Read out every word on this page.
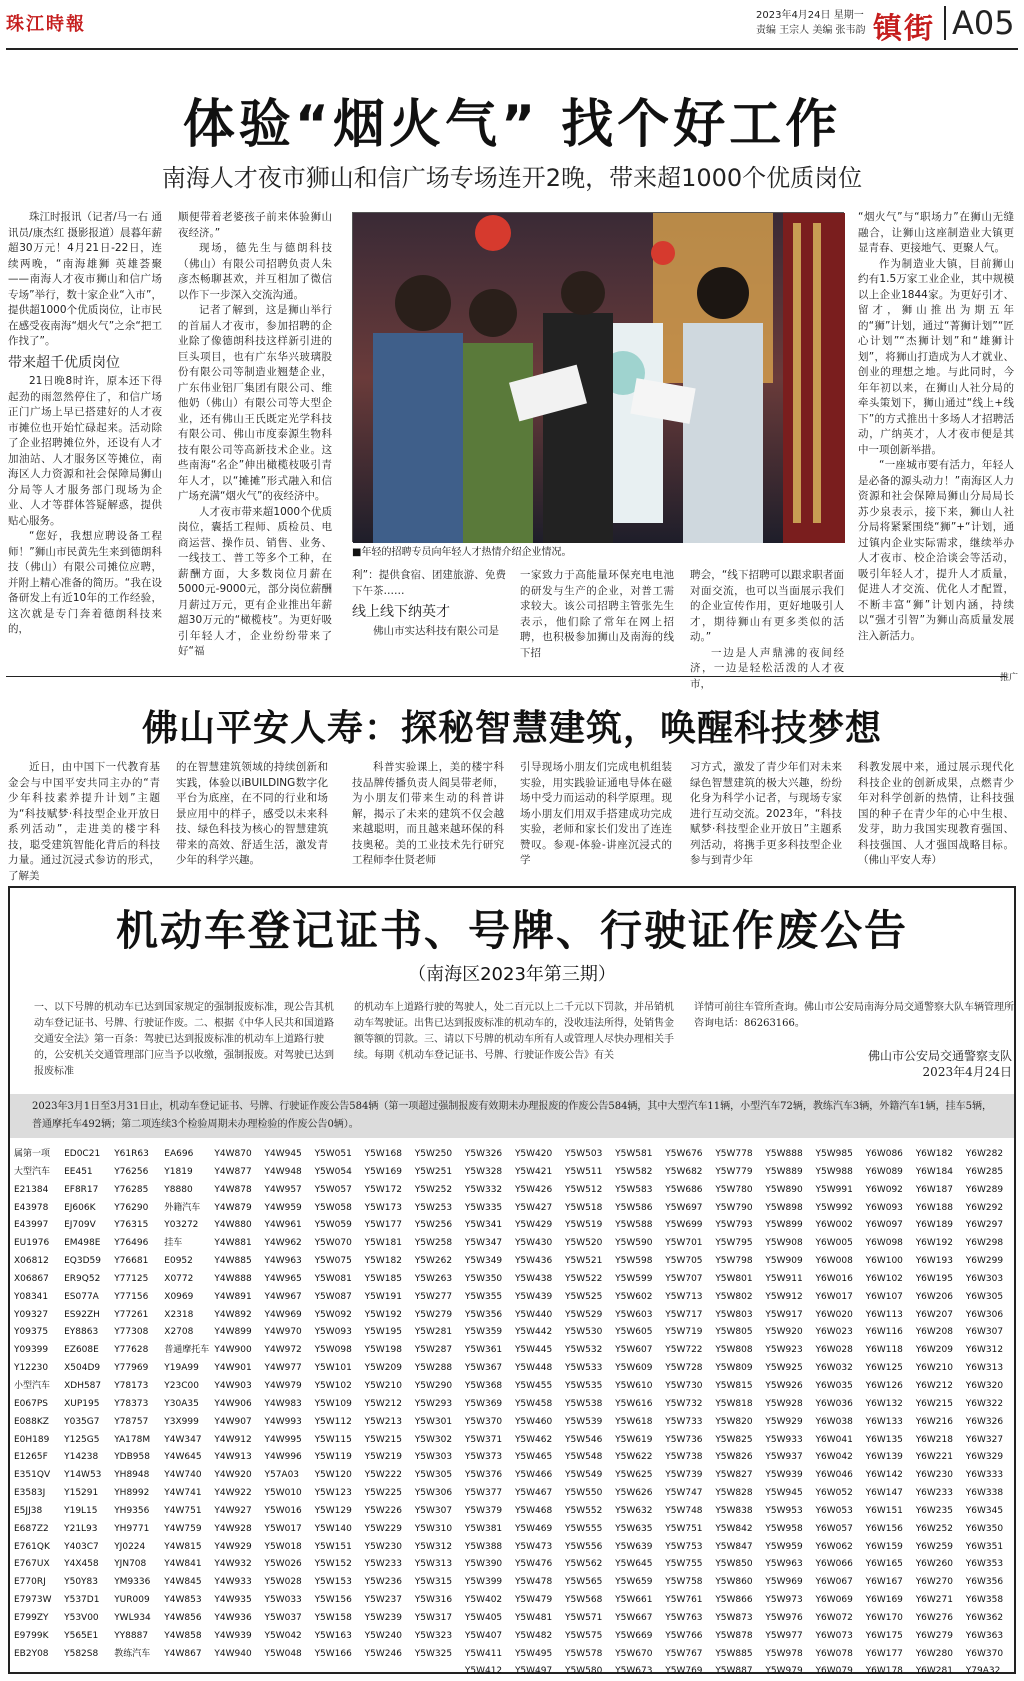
珠江時報	2023年4月24日 星期一
责编 王宗人 美编 张韦韵 镇街 A05
体验“烟火气” 找个好工作
南海人才夜市狮山和信广场专场连开2晚，带来超1000个优质岗位

珠江时报讯（记者/马一右 通讯员/康杰红 摄影报道）晨暮年薪超30万元！4月21日-22日，连续两晚，“南海雄狮 英雄荟聚——南海人才夜市狮山和信广场专场”举行，数十家企业“入市”，提供超1000个优质岗位，让市民在感受夜南海“烟火气”之余“把工作找了”。

带来超千优质岗位

21日晚8时许，原本还下得起劲的雨忽然停住了，和信广场正门广场上早已搭建好的人才夜市摊位也开始忙碌起来。活动除了企业招聘摊位外，还设有人才加油站、人才服务区等摊位，南海区人力资源和社会保障局狮山分局等人才服务部门现场为企业、人才等群体答疑解惑，提供贴心服务。

“您好，我想应聘设备工程师！”狮山市民黄先生来到德朗科技（佛山）有限公司摊位应聘，并附上精心准备的简历。“我在设备研发上有近10年的工作经验，这次就是专门奔着德朗科技来的，

顺便带着老婆孩子前来体验狮山夜经济。”

现场，德先生与德朗科技（佛山）有限公司招聘负责人朱彦杰畅聊甚欢，并互相加了微信以作下一步深入交流沟通。

记者了解到，这是狮山举行的首届人才夜市，参加招聘的企业除了像德朗科技这样新引进的巨头项目，也有广东华兴玻璃股份有限公司等制造业翘楚企业，广东伟业铝厂集团有限公司、维他奶（佛山）有限公司等大型企业，还有佛山王氏既定光学科技有限公司、佛山市度泰源生物科技有限公司等高新技术企业。这些南海“名企”伸出橄榄枝吸引青年人才，以“摊摊”形式融入和信广场充满“烟火气”的夜经济中。

人才夜市带来超1000个优质岗位，囊括工程师、质检员、电商运营、操作员、销售、业务、一线技工、普工等多个工种，在薪酬方面，大多数岗位月薪在5000元-9000元，部分岗位薪酬月薪过万元，更有企业推出年薪超30万元的“橄榄枝”。为更好吸引年轻人才，企业纷纷带来了好“福

■年轻的招聘专员向年轻人才热情介绍企业情况。

利”：提供食宿、团建旅游、免费下午茶……

线上线下纳英才

佛山市实达科技有限公司是

一家致力于高能量环保充电电池的研发与生产的企业，对普工需求较大。该公司招聘主管张先生表示，他们除了常年在网上招聘，也积极参加狮山及南海的线下招

聘会，“线下招聘可以跟求职者面对面交流，也可以当面展示我们的企业宣传作用，更好地吸引人才，期待狮山有更多类似的活动。”

一边是人声鼎沸的夜间经济，一边是轻松活泼的人才夜市，

“烟火气”与“职场力”在狮山无缝融合，让狮山这座制造业大镇更显青春、更接地气、更聚人气。

作为制造业大镇，目前狮山约有1.5万家工业企业，其中规模以上企业1844家。为更好引才、留才，狮山推出为期五年的“狮”计划，通过“菁狮计划”“匠心计划”“杰狮计划”和“雄狮计划”，将狮山打造成为人才就业、创业的理想之地。与此同时，今年年初以来，在狮山人社分局的牵头策划下，狮山通过“线上+线下”的方式推出十多场人才招聘活动，广纳英才，人才夜市便是其中一项创新举措。

“一座城市要有活力，年轻人是必备的源头动力！”南海区人力资源和社会保障局狮山分局局长苏少泉表示，接下来，狮山人社分局将紧紧围绕“狮”+“计划，通过镇内企业实际需求，继续举办人才夜市、校企洽谈会等活动，吸引年轻人才，提升人才质量，促进人才交流、优化人才配置，不断丰富“狮”计划内涵，持续以“强才引智”为狮山高质量发展注入新活力。

推广
佛山平安人寿：探秘智慧建筑，唤醒科技梦想

近日，由中国下一代教育基金会与中国平安共同主办的“青少年科技素养提升计划”主题为“科技赋梦·科技型企业开放日系列活动”，走进美的楼宇科技，聪受建筑智能化背后的科技力量。通过沉浸式参访的形式，了解美

的在智慧建筑领域的持续创新和实践，体验以iBUILDING数字化平台为底座，在不同的行业和场景应用中的样子，感受以未来科技、绿色科技为核心的智慧建筑带来的高效、舒适生活，激发青少年的科学兴趣。

科普实验课上，美的楼宇科技品牌传播负责人阎昊带老师，为小朋友们带来生动的科普讲解，揭示了未来的建筑不仅会越来越聪明，而且越来越环保的科技奥秘。美的工业技术先行研究工程师李仕贤老师

引导现场小朋友们完成电机组装实验，用实践验证通电导体在磁场中受力而运动的科学原理。现场小朋友们用双手搭建成功完成实验，老师和家长们发出了连连赞叹。参观-体验-讲座沉浸式的学

习方式，激发了青少年们对未来绿色智慧建筑的极大兴趣，纷纷化身为科学小记者，与现场专家进行互动交流。2023年，“科技赋梦·科技型企业开放日”主题系列活动，将携手更多科技型企业参与到青少年

科教发展中来，通过展示现代化科技企业的创新成果，点燃青少年对科学创新的热情，让科技强国的种子在青少年的心中生根、发芽，助力我国实现教育强国、科技强国、人才强国战略目标。（佛山平安人寿）

机动车登记证书、号牌、行驶证作废公告
（南海区2023年第三期）
一、以下号牌的机动车已达到国家规定的强制报废标准，现公告其机动车登记证书、号牌、行驶证作废。二、根据《中华人民共和国道路交通安全法》第一百条：驾驶已达到报废标准的机动车上道路行驶的，公安机关交通管理部门应当予以收缴，强制报废。对驾驶已达到报废标准
的机动车上道路行驶的驾驶人，处二百元以上二千元以下罚款，并吊销机动车驾驶证。出售已达到报废标准的机动车的，没收违法所得，处销售金额等额的罚款。三、请以下号牌的机动车所有人或管理人尽快办理相关手续。每期《机动车登记证书、号牌、行驶证作废公告》有关
详情可前往车管所查询。佛山市公安局南海分局交通警察大队车辆管理所咨询电话：86263166。
佛山市公安局交通警察支队
2023年4月24日
2023年3月1日至3月31日止，机动车登记证书、号牌、行驶证作废公告584辆（第一项超过强制报废有效期未办理报废的作废公告584辆，其中大型汽车11辆，小型汽车72辆，教练汽车3辆，外籍汽车1辆，挂车5辆，普通摩托车492辆；第二项连续3个检验周期未办理检验的作废公告0辆）。
属第一项
大型汽车
E21384
E43978
E43997
EU1976
X06812
X06867
Y08341
Y09327
Y09375
Y09399
Y12230
小型汽车
E067PS
E088KZ
E0H189
E1265F
E351QV
E3583J
E5JJ38
E687Z2
E761QK
E767UX
E770RJ
E7973W
E799ZY
E9799K
EB2Y08
ED0C21
EE451
EF8R17
EJ606K
EJ709V
EM498E
EQ3D59
ER9Q52
ES077A
ES92ZH
EY8863
EZ608E
X504D9
XDH587
XUP195
Y035G7
Y125G5
Y14238
Y14W53
Y15291
Y19L15
Y21L93
Y403C7
Y4X458
Y50Y83
Y537D1
Y53V00
Y565E1
Y582S8
Y61R63
Y76256
Y76285
Y76290
Y76315
Y76496
Y76681
Y77125
Y77156
Y77261
Y77308
Y77628
Y77969
Y78173
Y78373
Y78757
YA178M
YDB958
YH8948
YH8992
YH9356
YH9771
YJ0224
YJN708
YM9336
YUR009
YWL934
YY8887
教练汽车
EA696
Y1819
Y8880
外籍汽车
Y03272
挂车
E0952
X0772
X0969
X2318
X2708
普通摩托车
Y19A99
Y23C00
Y30A35
Y3X999
Y4W347
Y4W645
Y4W740
Y4W741
Y4W751
Y4W759
Y4W815
Y4W841
Y4W845
Y4W853
Y4W856
Y4W858
Y4W867
Y4W870
Y4W877
Y4W878
Y4W879
Y4W880
Y4W881
Y4W885
Y4W888
Y4W891
Y4W892
Y4W899
Y4W900
Y4W901
Y4W903
Y4W906
Y4W907
Y4W912
Y4W913
Y4W920
Y4W922
Y4W927
Y4W928
Y4W929
Y4W932
Y4W933
Y4W935
Y4W936
Y4W939
Y4W940
Y4W945
Y4W948
Y4W957
Y4W959
Y4W961
Y4W962
Y4W963
Y4W965
Y4W967
Y4W969
Y4W970
Y4W972
Y4W977
Y4W979
Y4W983
Y4W993
Y4W995
Y4W996
Y57A03
Y5W010
Y5W016
Y5W017
Y5W018
Y5W026
Y5W028
Y5W033
Y5W037
Y5W042
Y5W048
Y5W051
Y5W054
Y5W057
Y5W058
Y5W059
Y5W070
Y5W075
Y5W081
Y5W087
Y5W092
Y5W093
Y5W098
Y5W101
Y5W102
Y5W109
Y5W112
Y5W115
Y5W119
Y5W120
Y5W123
Y5W129
Y5W140
Y5W151
Y5W152
Y5W153
Y5W156
Y5W158
Y5W163
Y5W166
Y5W168
Y5W169
Y5W172
Y5W173
Y5W177
Y5W181
Y5W182
Y5W185
Y5W191
Y5W192
Y5W195
Y5W198
Y5W209
Y5W210
Y5W212
Y5W213
Y5W215
Y5W219
Y5W222
Y5W225
Y5W226
Y5W229
Y5W230
Y5W233
Y5W236
Y5W237
Y5W239
Y5W240
Y5W246
Y5W250
Y5W251
Y5W252
Y5W253
Y5W256
Y5W258
Y5W262
Y5W263
Y5W277
Y5W279
Y5W281
Y5W287
Y5W288
Y5W290
Y5W293
Y5W301
Y5W302
Y5W303
Y5W305
Y5W306
Y5W307
Y5W310
Y5W312
Y5W313
Y5W315
Y5W316
Y5W317
Y5W323
Y5W325
Y5W326
Y5W328
Y5W332
Y5W335
Y5W341
Y5W347
Y5W349
Y5W350
Y5W355
Y5W356
Y5W359
Y5W361
Y5W367
Y5W368
Y5W369
Y5W370
Y5W371
Y5W373
Y5W376
Y5W377
Y5W379
Y5W381
Y5W388
Y5W390
Y5W399
Y5W402
Y5W405
Y5W407
Y5W411
Y5W412
Y5W420
Y5W421
Y5W426
Y5W427
Y5W429
Y5W430
Y5W436
Y5W438
Y5W439
Y5W440
Y5W442
Y5W445
Y5W448
Y5W455
Y5W458
Y5W460
Y5W462
Y5W465
Y5W466
Y5W467
Y5W468
Y5W469
Y5W473
Y5W476
Y5W478
Y5W479
Y5W481
Y5W482
Y5W495
Y5W497
Y5W503
Y5W511
Y5W512
Y5W518
Y5W519
Y5W520
Y5W521
Y5W522
Y5W525
Y5W529
Y5W530
Y5W532
Y5W533
Y5W535
Y5W538
Y5W539
Y5W546
Y5W548
Y5W549
Y5W550
Y5W552
Y5W555
Y5W556
Y5W562
Y5W565
Y5W568
Y5W571
Y5W575
Y5W578
Y5W580
Y5W581
Y5W582
Y5W583
Y5W586
Y5W588
Y5W590
Y5W598
Y5W599
Y5W602
Y5W603
Y5W605
Y5W607
Y5W609
Y5W610
Y5W616
Y5W618
Y5W619
Y5W622
Y5W625
Y5W626
Y5W632
Y5W635
Y5W639
Y5W645
Y5W659
Y5W661
Y5W667
Y5W669
Y5W670
Y5W673
Y5W676
Y5W682
Y5W686
Y5W697
Y5W699
Y5W701
Y5W705
Y5W707
Y5W713
Y5W717
Y5W719
Y5W722
Y5W728
Y5W730
Y5W732
Y5W733
Y5W736
Y5W738
Y5W739
Y5W747
Y5W748
Y5W751
Y5W753
Y5W755
Y5W758
Y5W761
Y5W763
Y5W766
Y5W767
Y5W769
Y5W778
Y5W779
Y5W780
Y5W790
Y5W793
Y5W795
Y5W798
Y5W801
Y5W802
Y5W803
Y5W805
Y5W808
Y5W809
Y5W815
Y5W818
Y5W820
Y5W825
Y5W826
Y5W827
Y5W828
Y5W838
Y5W842
Y5W847
Y5W850
Y5W860
Y5W866
Y5W873
Y5W878
Y5W885
Y5W887
Y5W888
Y5W889
Y5W890
Y5W898
Y5W899
Y5W908
Y5W909
Y5W911
Y5W912
Y5W917
Y5W920
Y5W923
Y5W925
Y5W926
Y5W928
Y5W929
Y5W933
Y5W937
Y5W939
Y5W945
Y5W953
Y5W958
Y5W959
Y5W963
Y5W969
Y5W973
Y5W976
Y5W977
Y5W978
Y5W979
Y5W985
Y5W988
Y5W991
Y5W992
Y6W002
Y6W005
Y6W008
Y6W016
Y6W017
Y6W020
Y6W023
Y6W028
Y6W032
Y6W035
Y6W036
Y6W038
Y6W041
Y6W042
Y6W046
Y6W052
Y6W053
Y6W057
Y6W062
Y6W066
Y6W067
Y6W069
Y6W072
Y6W073
Y6W078
Y6W079
Y6W086
Y6W089
Y6W092
Y6W093
Y6W097
Y6W098
Y6W100
Y6W102
Y6W107
Y6W113
Y6W116
Y6W118
Y6W125
Y6W126
Y6W132
Y6W133
Y6W135
Y6W139
Y6W142
Y6W147
Y6W151
Y6W156
Y6W159
Y6W165
Y6W167
Y6W169
Y6W170
Y6W175
Y6W177
Y6W178
Y6W182
Y6W184
Y6W187
Y6W188
Y6W189
Y6W192
Y6W193
Y6W195
Y6W206
Y6W207
Y6W208
Y6W209
Y6W210
Y6W212
Y6W215
Y6W216
Y6W218
Y6W221
Y6W230
Y6W233
Y6W235
Y6W252
Y6W259
Y6W260
Y6W270
Y6W271
Y6W276
Y6W279
Y6W280
Y6W281
Y6W282
Y6W285
Y6W289
Y6W292
Y6W297
Y6W298
Y6W299
Y6W303
Y6W305
Y6W306
Y6W307
Y6W312
Y6W313
Y6W320
Y6W322
Y6W326
Y6W327
Y6W329
Y6W333
Y6W338
Y6W345
Y6W350
Y6W351
Y6W353
Y6W356
Y6W358
Y6W362
Y6W363
Y6W370
Y79A32
